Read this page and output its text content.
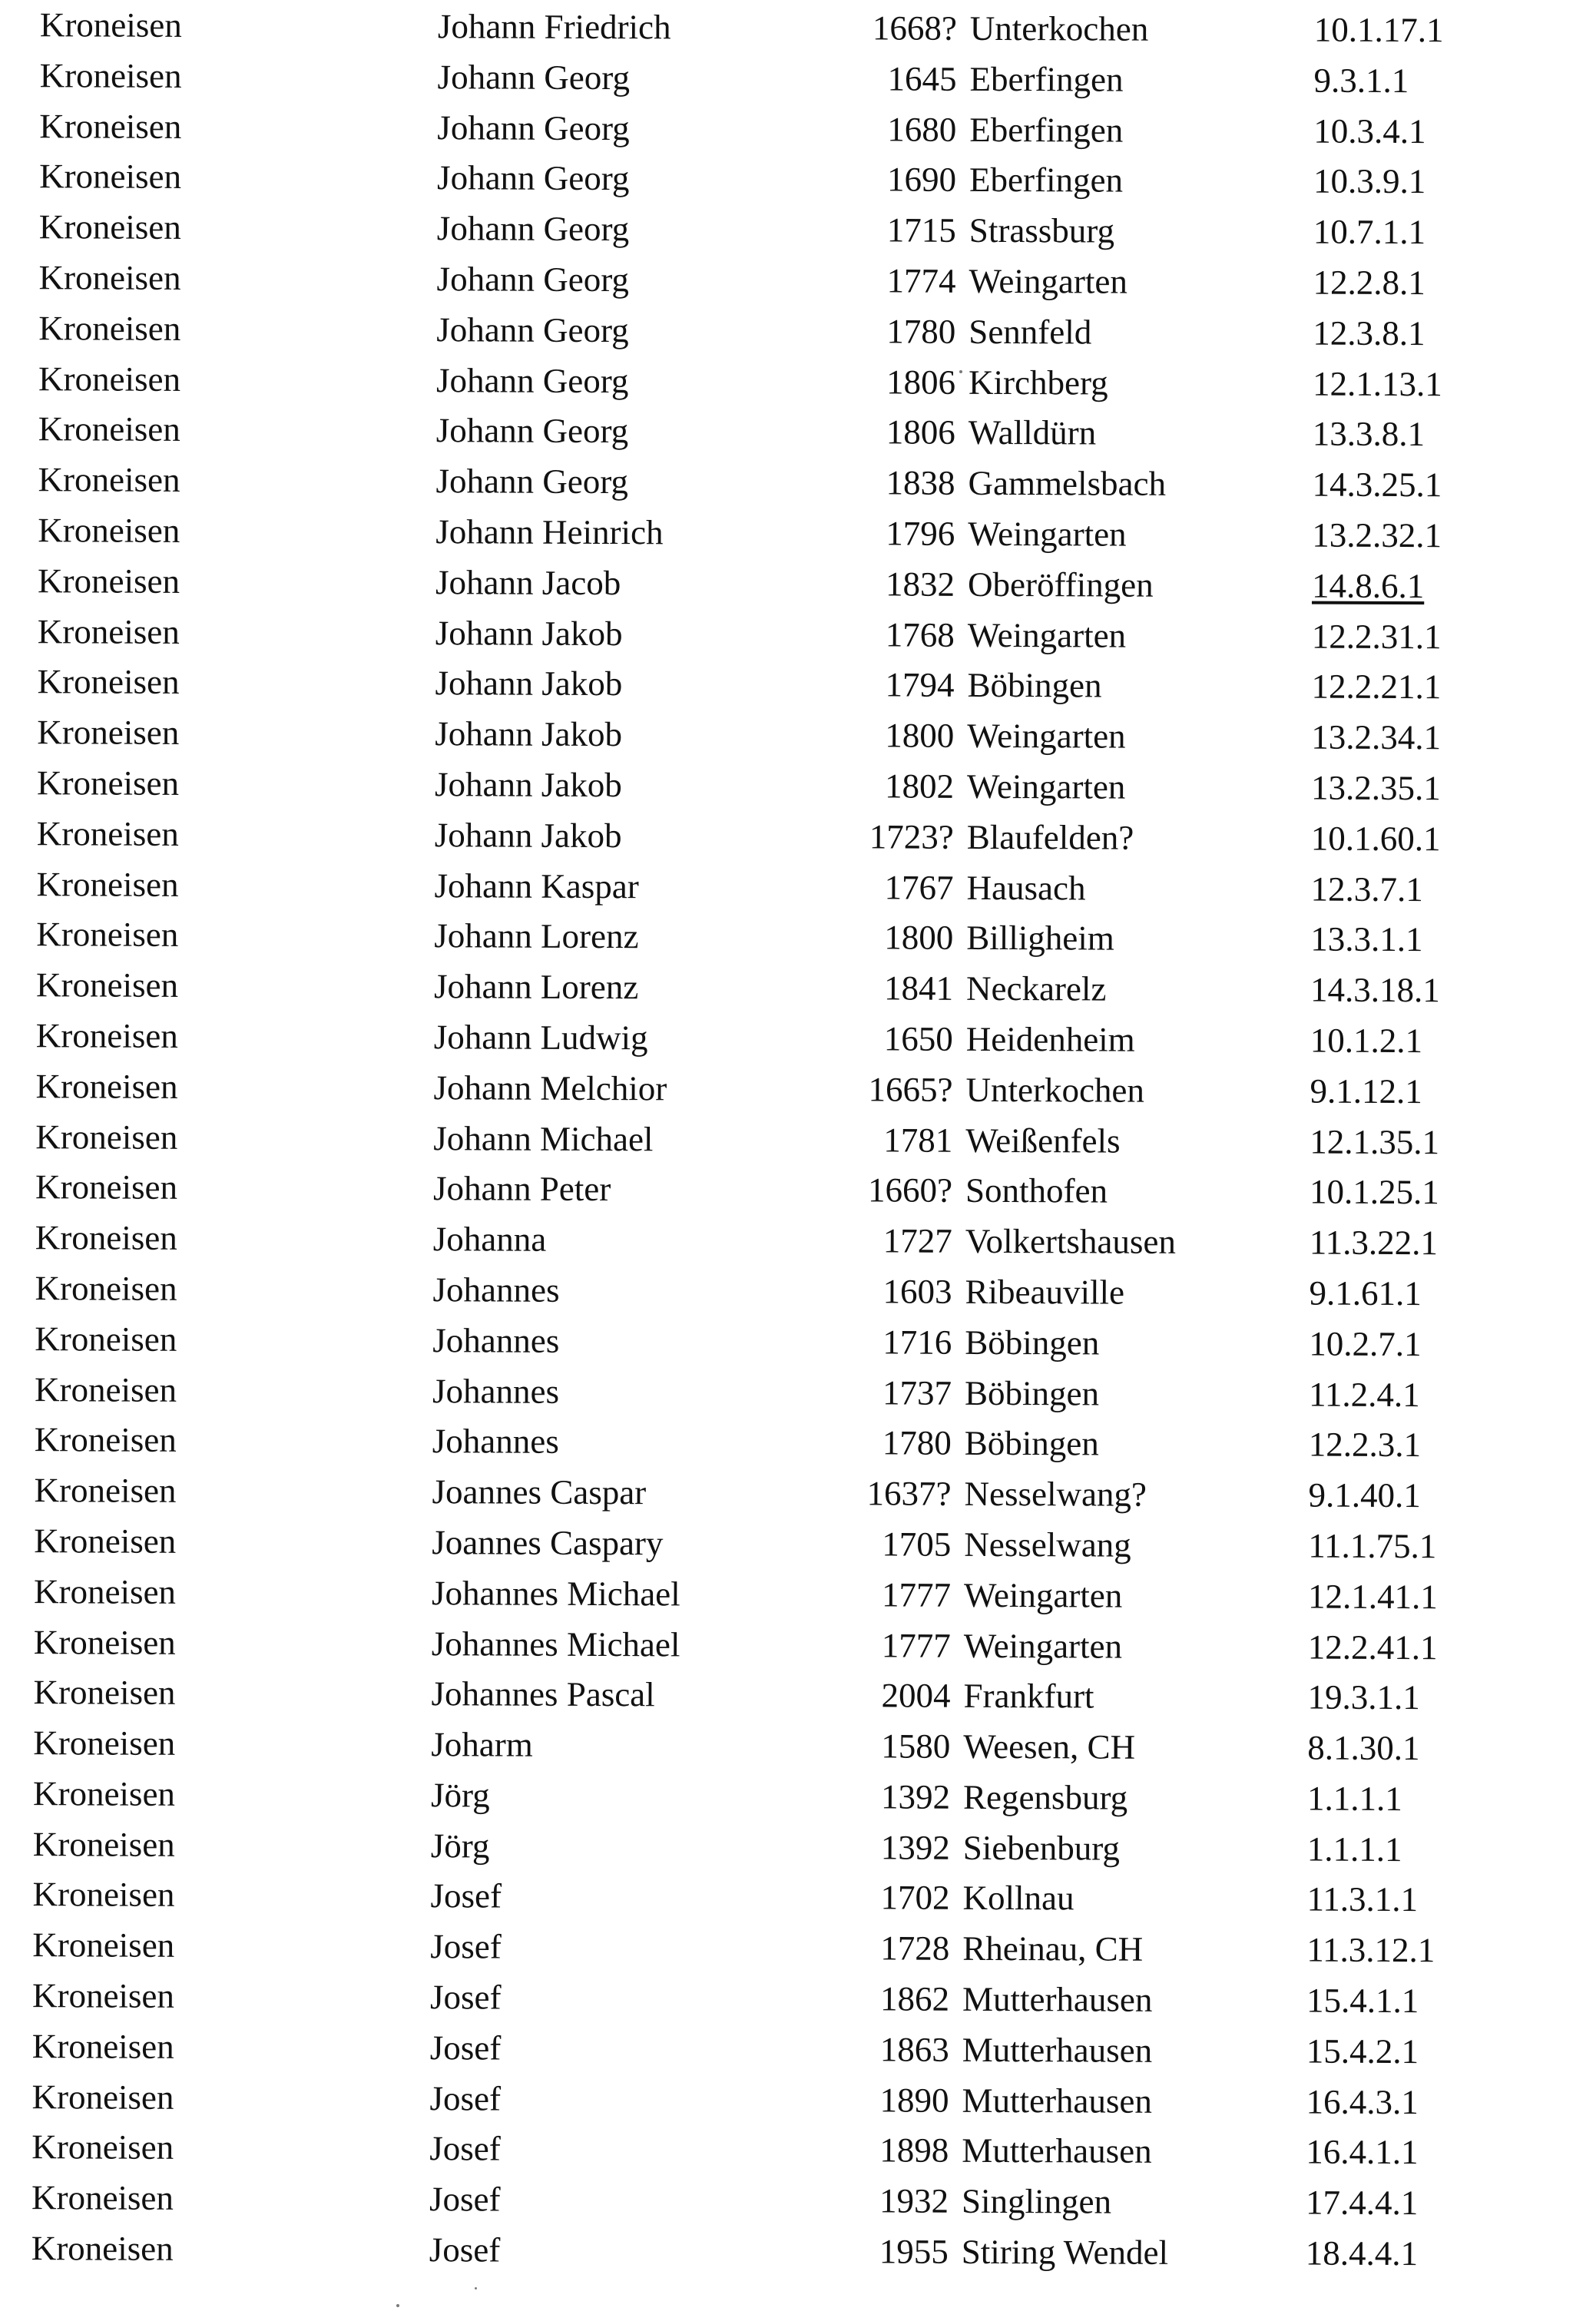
Kroneisen	Johann Friedrich	1668? Unterkochen	10.1.17.1
Kroneisen	Johann Georg	1645 Eberfingen	9.3.1.1
Kroneisen	Johann Georg	1680 Eberfingen	10.3.4.1
Kroneisen	Johann Georg	1690 Eberfingen	10.3.9.1
Kroneisen	Johann Georg	1715 Strassburg	10.7.1.1
Kroneisen	Johann Georg	1774 Weingarten	12.2.8.1
Kroneisen	Johann Georg	1780 Sennfeld	12.3.8.1
Kroneisen	Johann Georg	1806 Kirchberg	12.1.13.1
Kroneisen	Johann Georg	1806 Walldürn	13.3.8.1
Kroneisen	Johann Georg	1838 Gammelsbach	14.3.25.1
Kroneisen	Johann Heinrich	1796 Weingarten	13.2.32.1
Kroneisen	Johann Jacob	1832 Oberöffingen	14.8.6.1
Kroneisen	Johann Jakob	1768 Weingarten	12.2.31.1
Kroneisen	Johann Jakob	1794 Böbingen	12.2.21.1
Kroneisen	Johann Jakob	1800 Weingarten	13.2.34.1
Kroneisen	Johann Jakob	1802 Weingarten	13.2.35.1
Kroneisen	Johann Jakob	1723? Blaufelden?	10.1.60.1
Kroneisen	Johann Kaspar	1767 Hausach	12.3.7.1
Kroneisen	Johann Lorenz	1800 Billigheim	13.3.1.1
Kroneisen	Johann Lorenz	1841 Neckarelz	14.3.18.1
Kroneisen	Johann Ludwig	1650 Heidenheim	10.1.2.1
Kroneisen	Johann Melchior	1665? Unterkochen	9.1.12.1
Kroneisen	Johann Michael	1781 Weißenfels	12.1.35.1
Kroneisen	Johann Peter	1660? Sonthofen	10.1.25.1
Kroneisen	Johanna	1727 Volkertshausen	11.3.22.1
Kroneisen	Johannes	1603 Ribeauville	9.1.61.1
Kroneisen	Johannes	1716 Böbingen	10.2.7.1
Kroneisen	Johannes	1737 Böbingen	11.2.4.1
Kroneisen	Johannes	1780 Böbingen	12.2.3.1
Kroneisen	Joannes Caspar	1637? Nesselwang?	9.1.40.1
Kroneisen	Joannes Caspary	1705 Nesselwang	11.1.75.1
Kroneisen	Johannes Michael	1777 Weingarten	12.1.41.1
Kroneisen	Johannes Michael	1777 Weingarten	12.2.41.1
Kroneisen	Johannes Pascal	2004 Frankfurt	19.3.1.1
Kroneisen	Joharm	1580 Weesen, CH	8.1.30.1
Kroneisen	Jörg	1392 Regensburg	1.1.1.1
Kroneisen	Jörg	1392 Siebenburg	1.1.1.1
Kroneisen	Josef	1702 Kollnau	11.3.1.1
Kroneisen	Josef	1728 Rheinau, CH	11.3.12.1
Kroneisen	Josef	1862 Mutterhausen	15.4.1.1
Kroneisen	Josef	1863 Mutterhausen	15.4.2.1
Kroneisen	Josef	1890 Mutterhausen	16.4.3.1
Kroneisen	Josef	1898 Mutterhausen	16.4.1.1
Kroneisen	Josef	1932 Singlingen	17.4.4.1
Kroneisen	Josef	1955 Stiring Wendel	18.4.4.1
